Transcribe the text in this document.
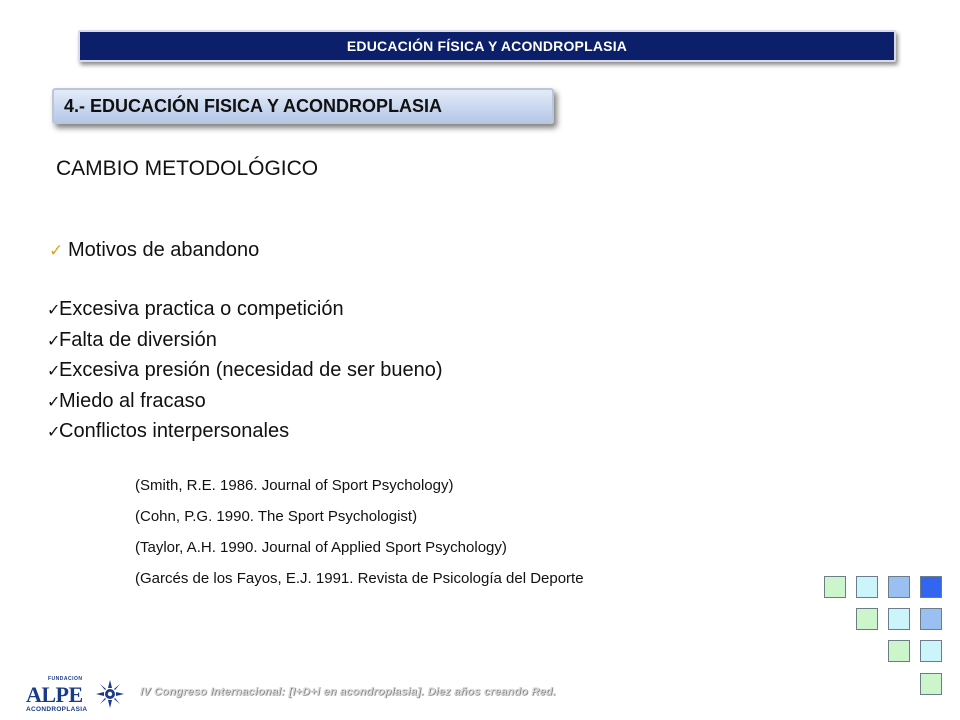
EDUCACIÓN FÍSICA Y ACONDROPLASIA
4.- EDUCACIÓN FISICA Y ACONDROPLASIA
CAMBIO METODOLÓGICO
✓ Motivos de abandono
✓Excesiva practica o competición
✓Falta de diversión
✓Excesiva presión (necesidad de ser bueno)
✓Miedo al fracaso
✓Conflictos interpersonales
(Smith, R.E. 1986. Journal of Sport Psychology)
(Cohn, P.G. 1990. The Sport Psychologist)
(Taylor, A.H. 1990. Journal of Applied Sport Psychology)
(Garcés de los Fayos, E.J. 1991. Revista de Psicología del Deporte
FUNDACION
ALPE
ACONDROPLASIA
IV Congreso Internacional: [I+D+i en acondroplasia]. Diez años creando Red.
